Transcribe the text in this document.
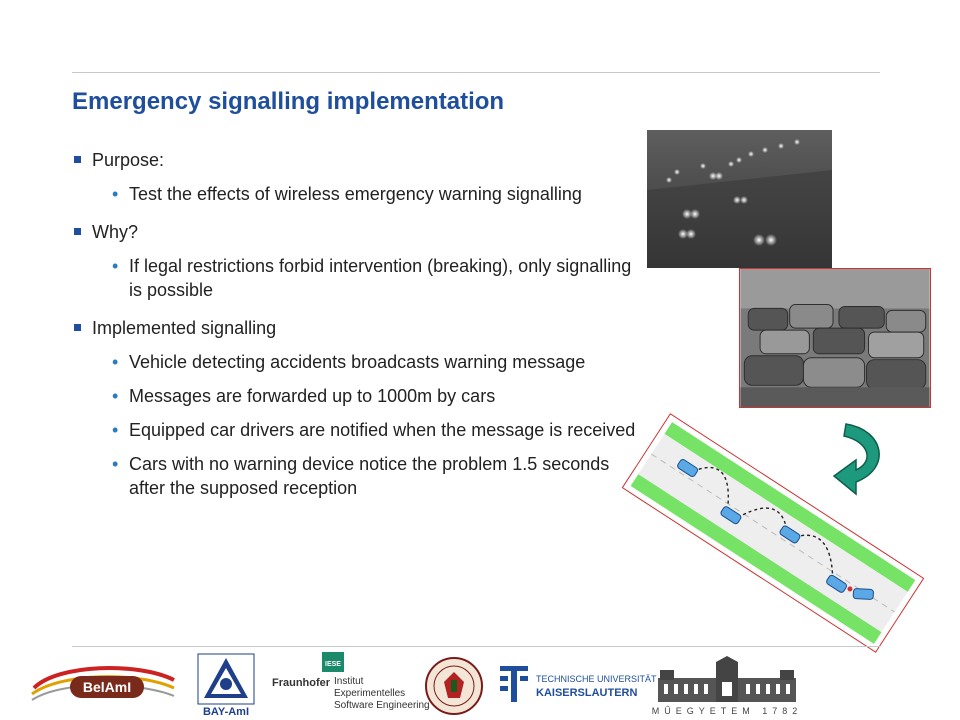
Emergency signalling implementation
Purpose:
• Test the effects of wireless emergency warning signalling
Why?
• If legal restrictions forbid intervention (breaking), only signalling is possible
Implemented signalling
• Vehicle detecting accidents broadcasts warning message
• Messages are forwarded up to 1000m by cars
• Equipped car drivers are notified when the message is received
• Cars with no warning device notice the problem 1.5 seconds after the supposed reception
BelAmI
BAY-AmI
IESE
Fraunhofer Institut
Experimentelles
Software Engineering
TECHNISCHE UNIVERSITÄT
KAISERSLAUTERN
MŰEGYETEM 1782
